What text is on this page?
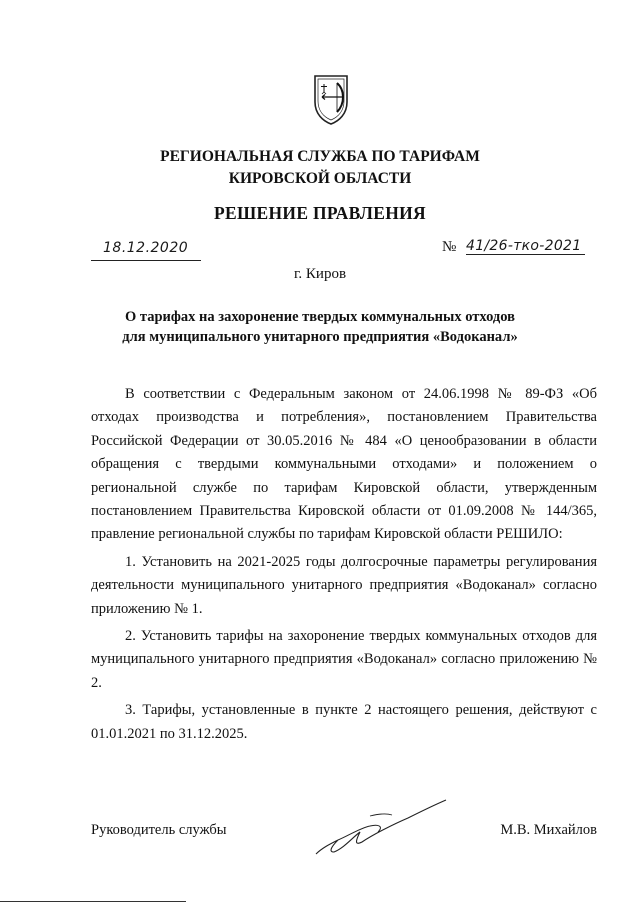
РЕГИОНАЛЬНАЯ СЛУЖБА ПО ТАРИФАМ
КИРОВСКОЙ ОБЛАСТИ
РЕШЕНИЕ ПРАВЛЕНИЯ
18.12.2020	№ 41/26-тко-2021
г. Киров
О тарифах на захоронение твердых коммунальных отходов
для муниципального унитарного предприятия «Водоканал»

В соответствии с Федеральным законом от 24.06.1998 № 89-ФЗ «Об отходах производства и потребления», постановлением Правительства Российской Федерации от 30.05.2016 № 484 «О ценообразовании в области обращения с твердыми коммунальными отходами» и положением о региональной службе по тарифам Кировской области, утвержденным постановлением Правительства Кировской области от 01.09.2008 № 144/365, правление региональной службы по тарифам Кировской области РЕШИЛО:

1. Установить на 2021-2025 годы долгосрочные параметры регулирования деятельности муниципального унитарного предприятия «Водоканал» согласно приложению № 1.

2. Установить тарифы на захоронение твердых коммунальных отходов для муниципального унитарного предприятия «Водоканал» согласно приложению № 2.

3. Тарифы, установленные в пункте 2 настоящего решения, действуют с 01.01.2021 по 31.12.2025.

Руководитель службы	М.В. Михайлов
